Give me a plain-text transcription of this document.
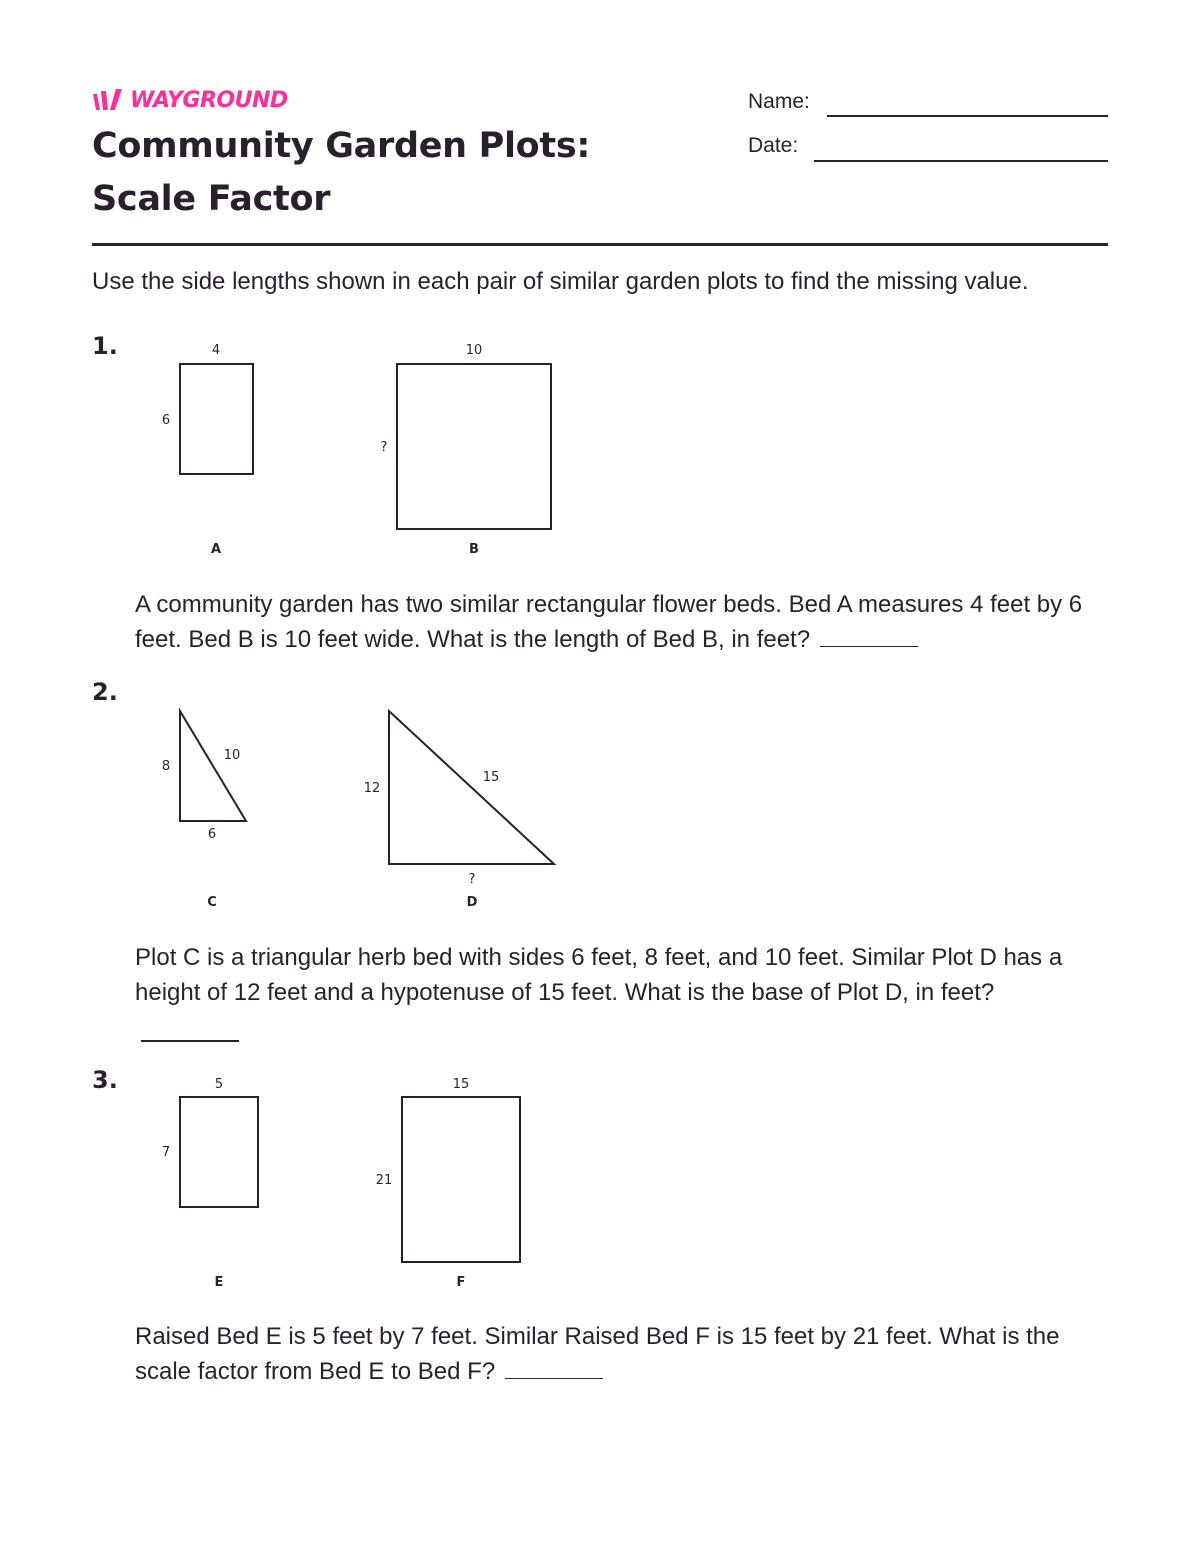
WAYGROUND
Community Garden Plots: Scale Factor
Name:
Date:
Use the side lengths shown in each pair of similar garden plots to find the missing value.
1.	4
6
A
10
?
B
A community garden has two similar rectangular flower beds. Bed A measures 4 feet by 6 feet. Bed B is 10 feet wide. What is the length of Bed B, in feet?
2.
8
10
6
C
12
15
?
D
Plot C is a triangular herb bed with sides 6 feet, 8 feet, and 10 feet. Similar Plot D has a height of 12 feet and a hypotenuse of 15 feet. What is the base of Plot D, in feet?
3.	5
7
E
15
21
F
Raised Bed E is 5 feet by 7 feet. Similar Raised Bed F is 15 feet by 21 feet. What is the scale factor from Bed E to Bed F?
